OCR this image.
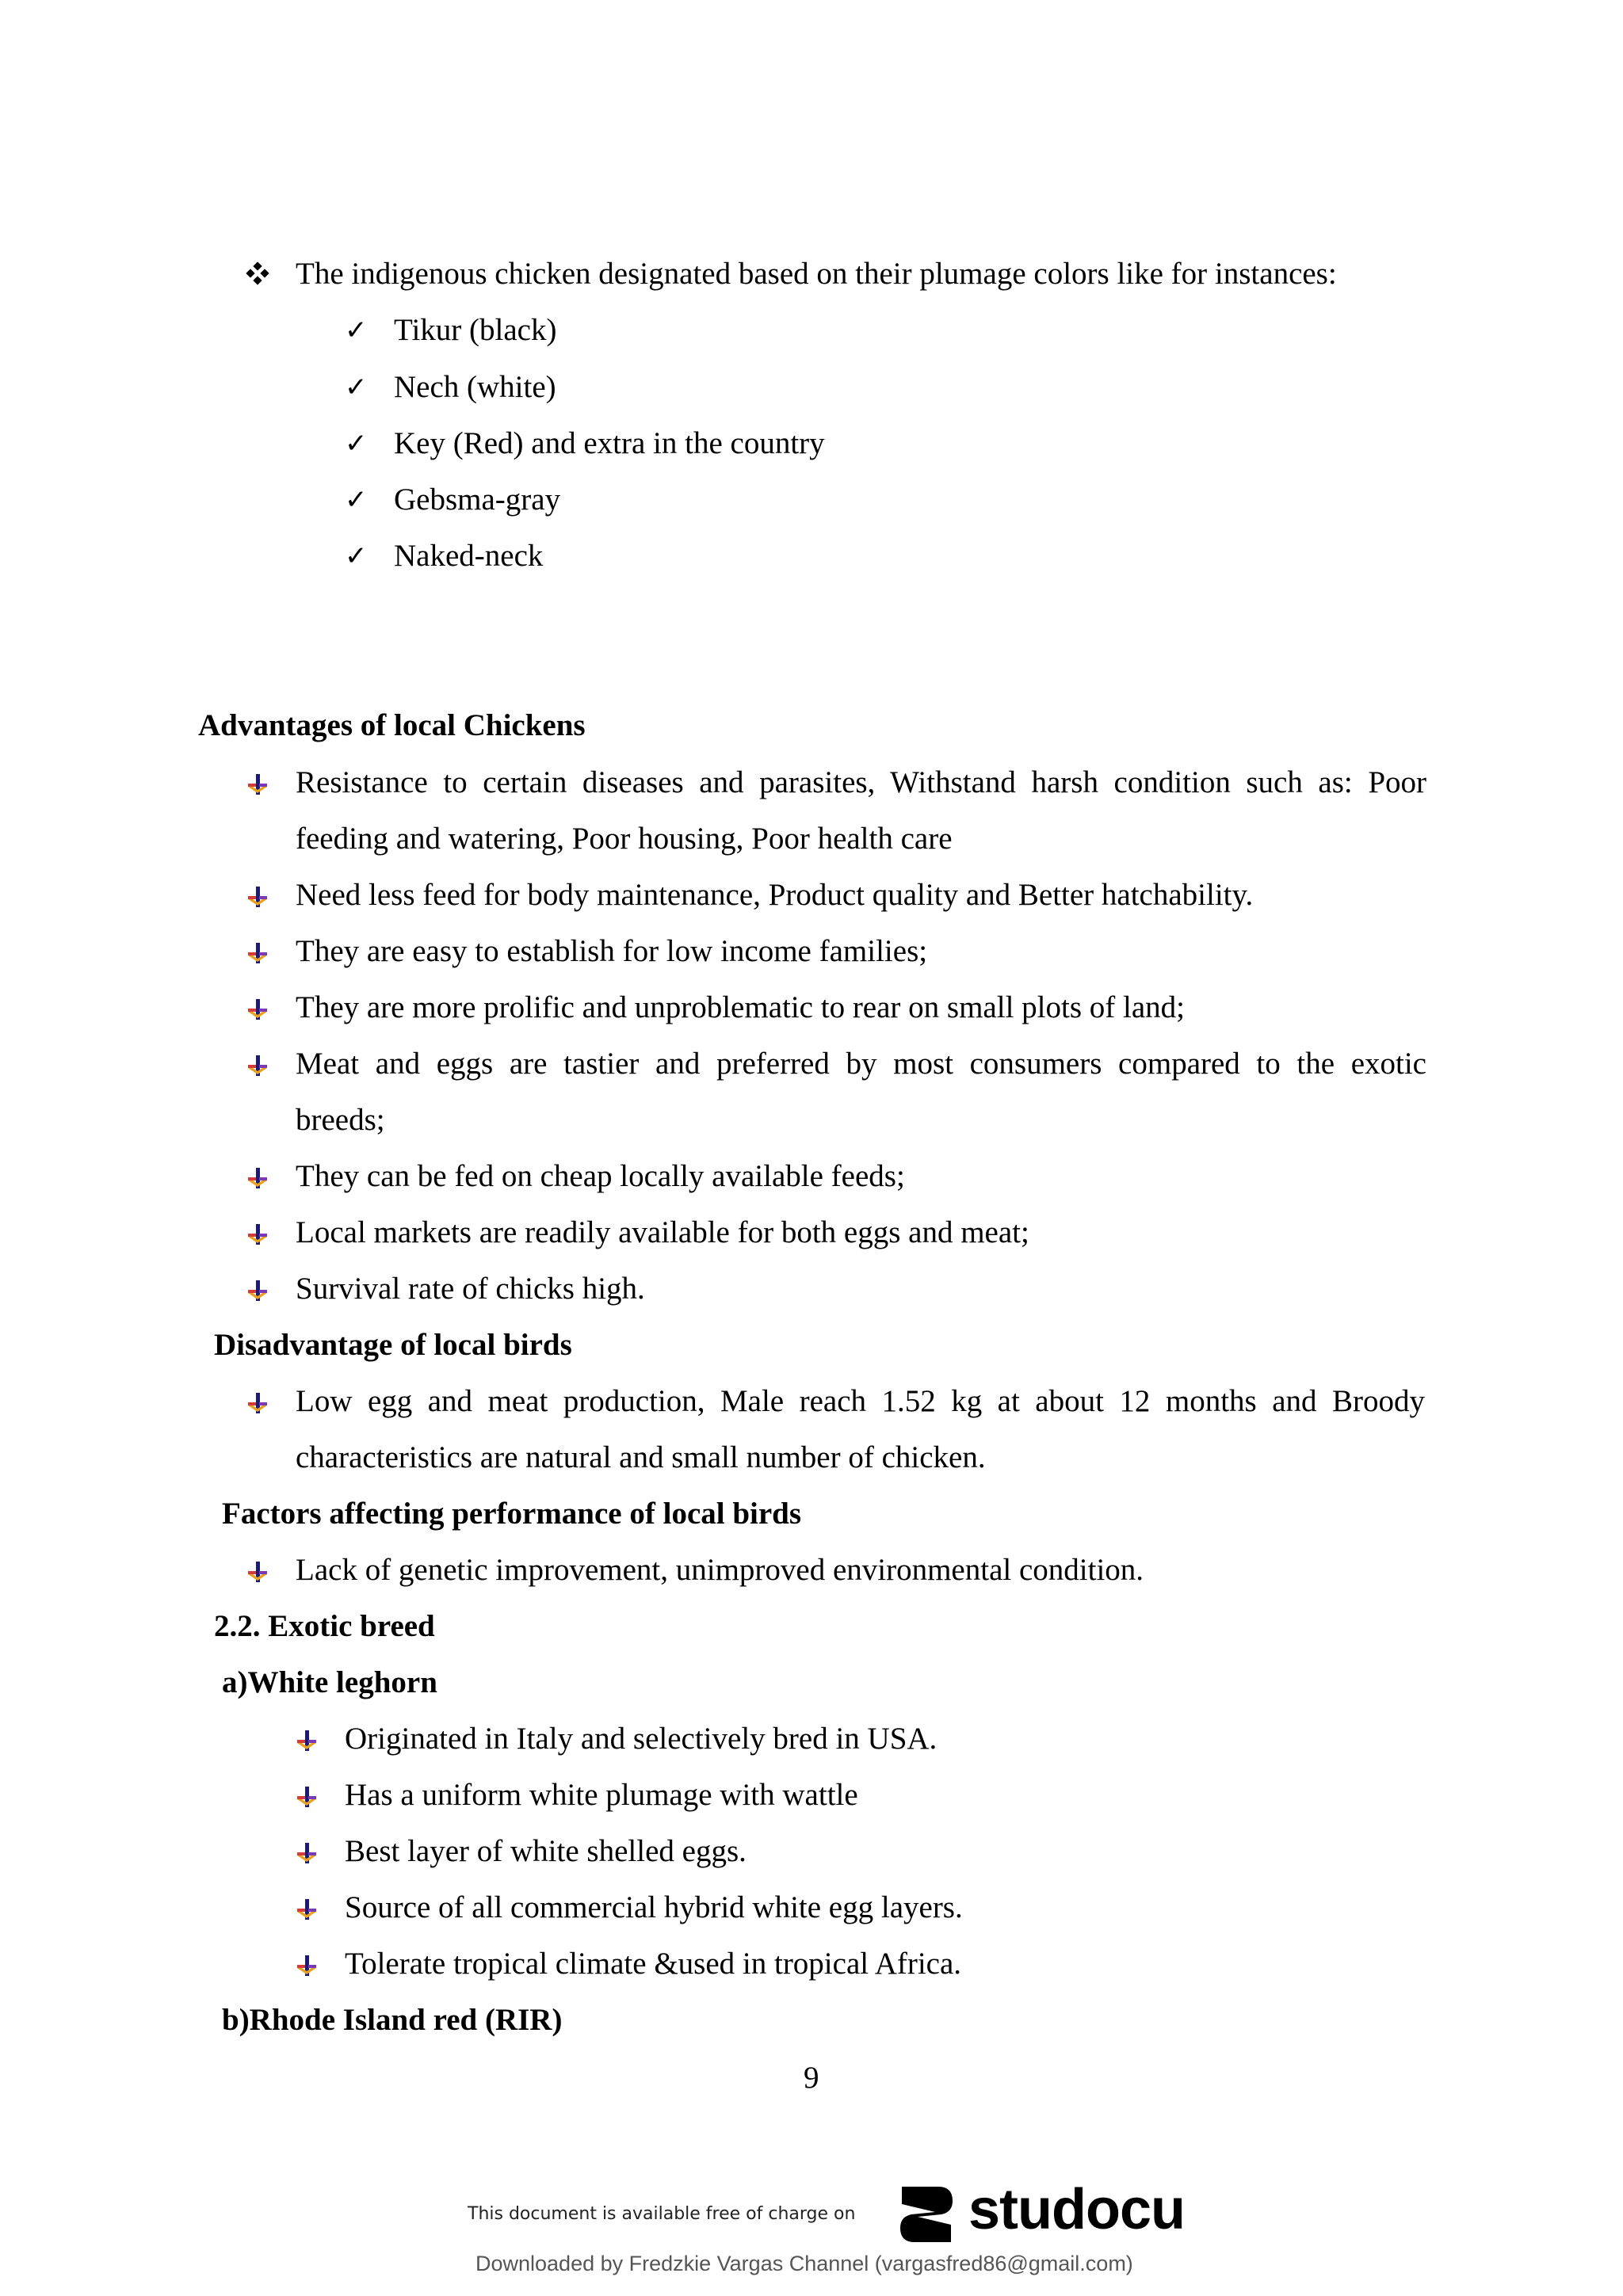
The indigenous chicken designated based on their plumage colors like for instances:
✓ Tikur (black)
✓ Nech (white)
✓ Key (Red) and extra in the country
✓ Gebsma-gray
✓ Naked-neck
Advantages of local Chickens
Resistance to certain diseases and parasites, Withstand harsh condition such as: Poor
feeding and watering, Poor housing, Poor health care
Need less feed for body maintenance, Product quality and Better hatchability.
They are easy to establish for low income families;
They are more prolific and unproblematic to rear on small plots of land;
Meat and eggs are tastier and preferred by most consumers compared to the exotic
breeds;
They can be fed on cheap locally available feeds;
Local markets are readily available for both eggs and meat;
Survival rate of chicks high.
Disadvantage of local birds
Low egg and meat production, Male reach 1.52 kg at about 12 months and Broody
characteristics are natural and small number of chicken.
Factors affecting performance of local birds
Lack of genetic improvement, unimproved environmental condition.
2.2. Exotic breed
a)White leghorn
Originated in Italy and selectively bred in USA.
Has a uniform white plumage with wattle
Best layer of white shelled eggs.
Source of all commercial hybrid white egg layers.
Tolerate tropical climate &used in tropical Africa.
b)Rhode Island red (RIR)
9
This document is available free of charge on studocu
Downloaded by Fredzkie Vargas Channel (vargasfred86@gmail.com)
